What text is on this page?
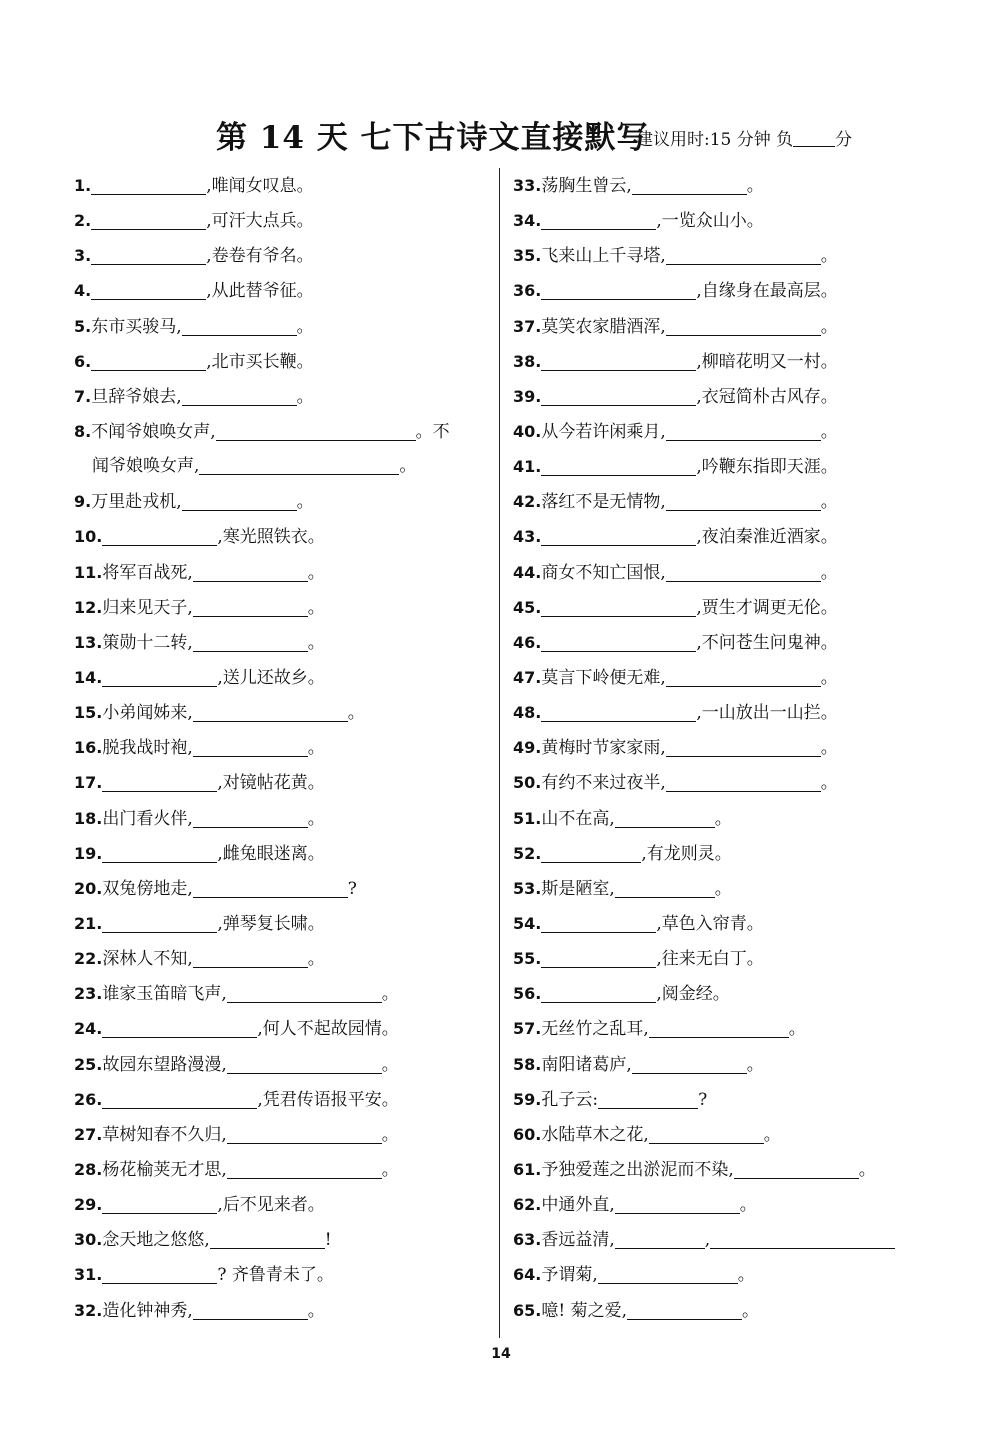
第 14 天 七下古诗文直接默写
建议用时:15 分钟 负 分
1.	,唯闻女叹息。
2.	,可汗大点兵。
3.	,卷卷有爷名。
4.	,从此替爷征。
5.东市买骏马,	。
6.	,北市买长鞭。
7.旦辞爷娘去,	。
8.不闻爷娘唤女声,	。不
闻爷娘唤女声,	。
9.万里赴戎机,	。
10.	,寒光照铁衣。
11.将军百战死,	。
12.归来见天子,	。
13.策勋十二转,	。
14.	,送儿还故乡。
15.小弟闻姊来,	。
16.脱我战时袍,	。
17.	,对镜帖花黄。
18.出门看火伴,	。
19.	,雌兔眼迷离。
20.双兔傍地走,	?
21.	,弹琴复长啸。
22.深林人不知,	。
23.谁家玉笛暗飞声,	。
24.	,何人不起故园情。
25.故园东望路漫漫,	。
26.	,凭君传语报平安。
27.草树知春不久归,	。
28.杨花榆荚无才思,	。
29.	,后不见来者。
30.念天地之悠悠,	!
31.	? 齐鲁青未了。
32.造化钟神秀,	。
33.荡胸生曾云,	。
34.	,一览众山小。
35.飞来山上千寻塔,	。
36.	,自缘身在最高层。
37.莫笑农家腊酒浑,	。
38.	,柳暗花明又一村。
39.	,衣冠简朴古风存。
40.从今若许闲乘月,	。
41.	,吟鞭东指即天涯。
42.落红不是无情物,	。
43.	,夜泊秦淮近酒家。
44.商女不知亡国恨,	。
45.	,贾生才调更无伦。
46.	,不问苍生问鬼神。
47.莫言下岭便无难,	。
48.	,一山放出一山拦。
49.黄梅时节家家雨,	。
50.有约不来过夜半,	。
51.山不在高,	。
52.	,有龙则灵。
53.斯是陋室,	。
54.	,草色入帘青。
55.	,往来无白丁。
56.	,阅金经。
57.无丝竹之乱耳,	。
58.南阳诸葛庐,	。
59.孔子云:	?
60.水陆草木之花,	。
61.予独爱莲之出淤泥而不染,	。
62.中通外直,	。
63.香远益清,	,
64.予谓菊,	。
65.噫! 菊之爱,	。
14
